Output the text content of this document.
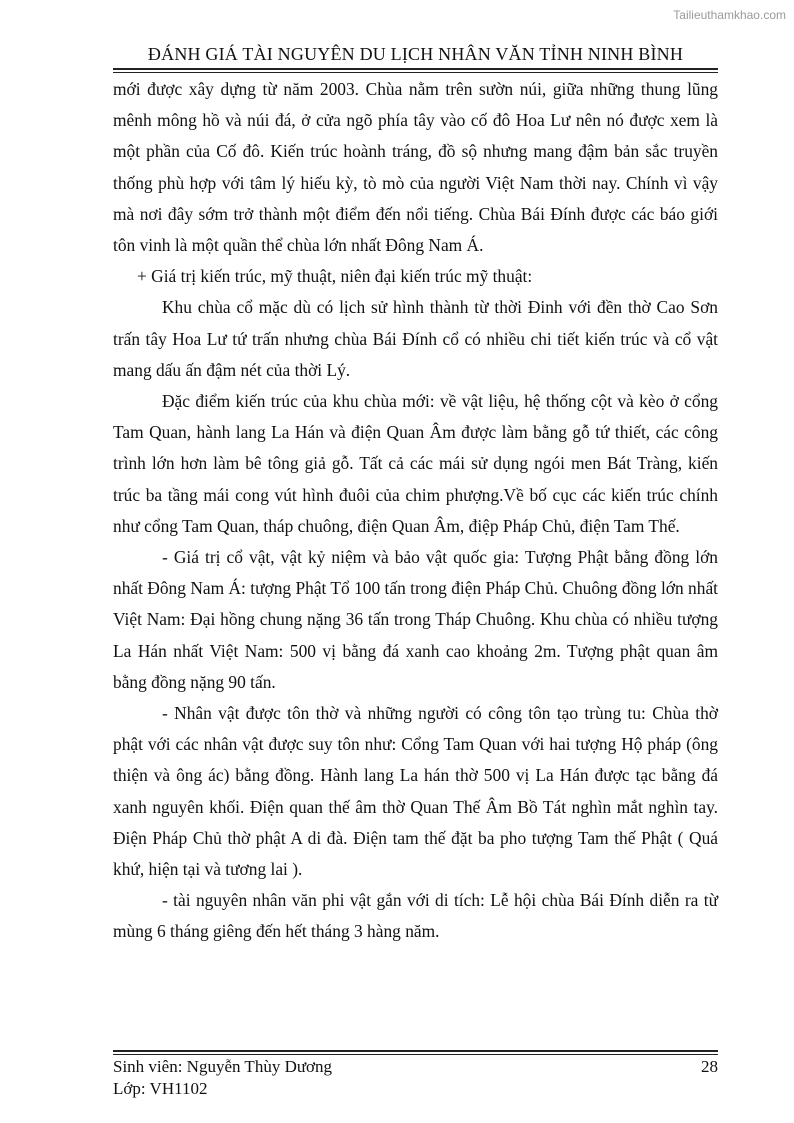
Tailieuthamkhao.com
ĐÁNH GIÁ TÀI NGUYÊN DU LỊCH NHÂN VĂN TỈNH NINH BÌNH

mới được xây dựng từ năm 2003. Chùa nằm trên sườn núi, giữa những thung lũng mênh mông hồ và núi đá, ở cửa ngõ phía tây vào cố đô Hoa Lư nên nó được xem là một phần của Cố đô. Kiến trúc hoành tráng, đồ sộ nhưng mang đậm bản sắc truyền thống phù hợp với tâm lý hiếu kỳ, tò mò của người Việt Nam thời nay. Chính vì vậy mà nơi đây sớm trở thành một điểm đến nổi tiếng. Chùa Bái Đính được các báo giới tôn vinh là một quần thể chùa lớn nhất Đông Nam Á.

+ Giá trị kiến trúc, mỹ thuật, niên đại kiến trúc mỹ thuật:

Khu chùa cổ mặc dù có lịch sử hình thành từ thời Đinh với đền thờ Cao Sơn trấn tây Hoa Lư tứ trấn nhưng chùa Bái Đính cổ có nhiều chi tiết kiến trúc và cổ vật mang dấu ấn đậm nét của thời Lý.

Đặc điểm kiến trúc của khu chùa mới: về vật liệu, hệ thống cột và kèo ở cổng Tam Quan, hành lang La Hán và điện Quan Âm được làm bằng gỗ tứ thiết, các công trình lớn hơn làm bê tông giả gỗ. Tất cả các mái sử dụng ngói men Bát Tràng, kiến trúc ba tầng mái cong vút hình đuôi của chim phượng.Về bố cục các kiến trúc chính như cổng Tam Quan, tháp chuông, điện Quan Âm, điệp Pháp Chủ, điện Tam Thế.

- Giá trị cổ vật, vật kỷ niệm và bảo vật quốc gia: Tượng Phật bằng đồng lớn nhất Đông Nam Á: tượng Phật Tổ 100 tấn trong điện Pháp Chủ. Chuông đồng lớn nhất Việt Nam: Đại hồng chung nặng 36 tấn trong Tháp Chuông. Khu chùa có nhiều tượng La Hán nhất Việt Nam: 500 vị bằng đá xanh cao khoảng 2m. Tượng phật quan âm bằng đồng nặng 90 tấn.

- Nhân vật được tôn thờ và những người có công tôn tạo trùng tu: Chùa thờ phật với các nhân vật được suy tôn như: Cổng Tam Quan với hai tượng Hộ pháp (ông thiện và ông ác) bằng đồng. Hành lang La hán thờ 500 vị La Hán được tạc bằng đá xanh nguyên khối. Điện quan thế âm thờ Quan Thế Âm Bồ Tát nghìn mắt nghìn tay. Điện Pháp Chủ thờ phật A di đà. Điện tam thế đặt ba pho tượng Tam thế Phật ( Quá khứ, hiện tại và tương lai ).

- tài nguyên nhân văn phi vật gắn với di tích: Lễ hội chùa Bái Đính diễn ra từ mùng 6 tháng giêng đến hết tháng 3 hàng năm.

Sinh viên: Nguyễn Thùy Dương	28
Lớp: VH1102
